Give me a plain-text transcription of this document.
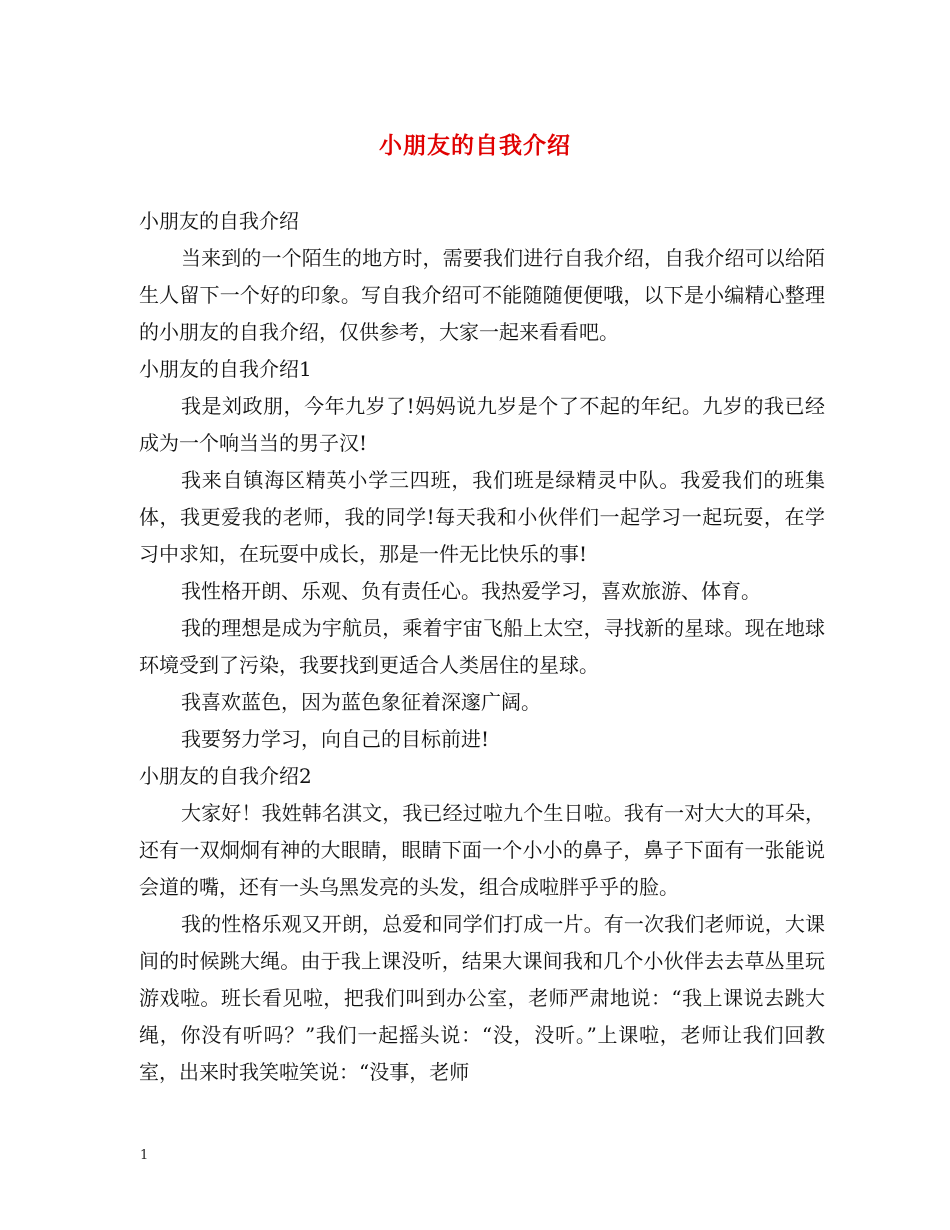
小朋友的自我介绍

小朋友的自我介绍

当来到的一个陌生的地方时，需要我们进行自我介绍，自我介绍可以给陌生人留下一个好的印象。写自我介绍可不能随随便便哦，以下是小编精心整理的小朋友的自我介绍，仅供参考，大家一起来看看吧。

小朋友的自我介绍1

我是刘政朋，今年九岁了!妈妈说九岁是个了不起的年纪。九岁的我已经成为一个响当当的男子汉!

我来自镇海区精英小学三四班，我们班是绿精灵中队。我爱我们的班集体，我更爱我的老师，我的同学!每天我和小伙伴们一起学习一起玩耍，在学习中求知，在玩耍中成长，那是一件无比快乐的事!

我性格开朗、乐观、负有责任心。我热爱学习，喜欢旅游、体育。

我的理想是成为宇航员，乘着宇宙飞船上太空，寻找新的星球。现在地球环境受到了污染，我要找到更适合人类居住的星球。

我喜欢蓝色，因为蓝色象征着深邃广阔。

我要努力学习，向自己的目标前进!

小朋友的自我介绍2

大家好！我姓韩名淇文，我已经过啦九个生日啦。我有一对大大的耳朵，还有一双炯炯有神的大眼睛，眼睛下面一个小小的鼻子，鼻子下面有一张能说会道的嘴，还有一头乌黑发亮的头发，组合成啦胖乎乎的脸。

我的性格乐观又开朗，总爱和同学们打成一片。有一次我们老师说，大课间的时候跳大绳。由于我上课没听，结果大课间我和几个小伙伴去去草丛里玩游戏啦。班长看见啦，把我们叫到办公室，老师严肃地说：“我上课说去跳大绳，你没有听吗？”我们一起摇头说：“没，没听。”上课啦，老师让我们回教室，出来时我笑啦笑说：“没事，老师

1
